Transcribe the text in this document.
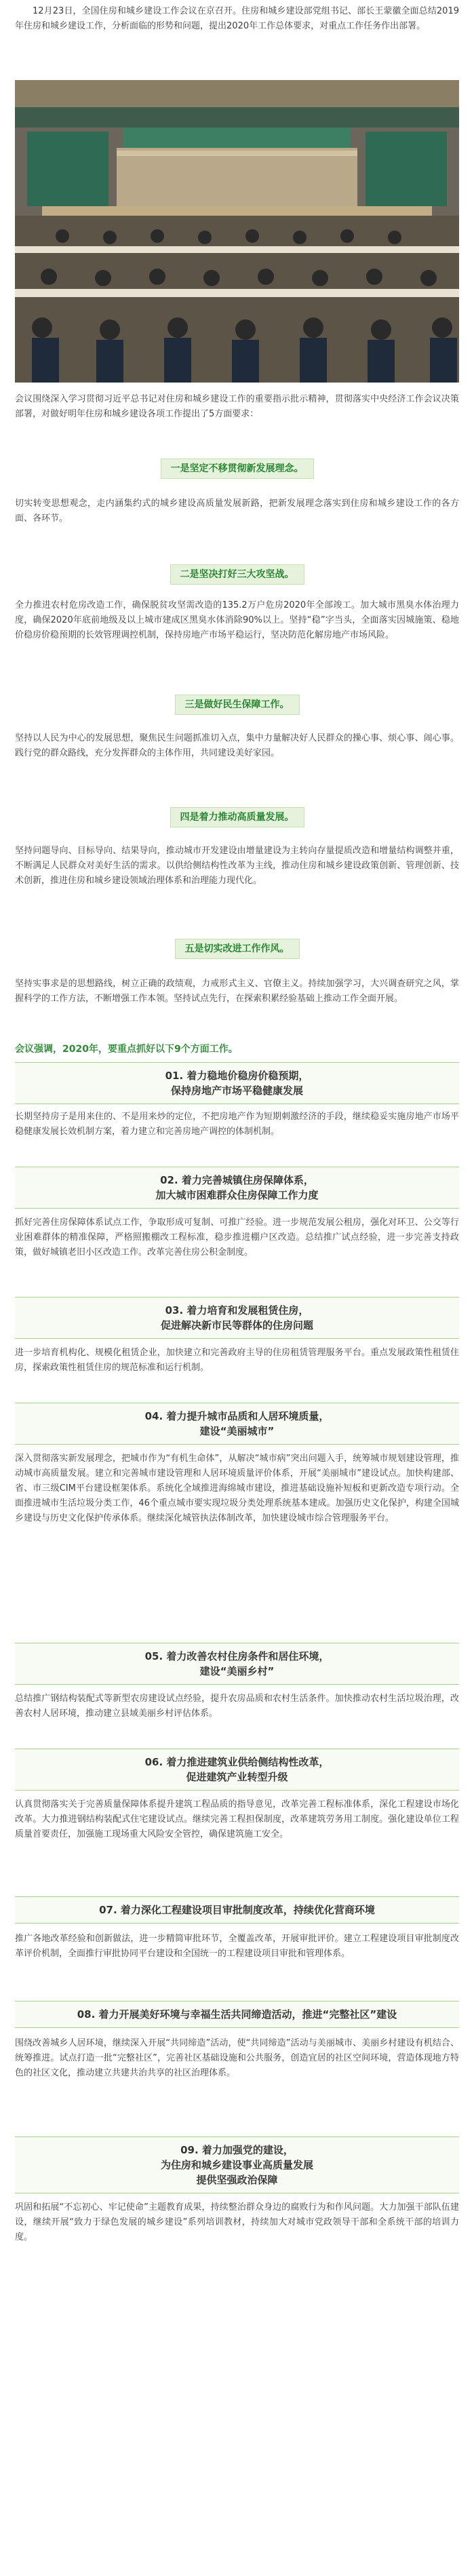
12月23日，全国住房和城乡建设工作会议在京召开。住房和城乡建设部党组书记、部长王蒙徽全面总结2019年住房和城乡建设工作，分析面临的形势和问题，提出2020年工作总体要求，对重点工作任务作出部署。

会议围绕深入学习贯彻习近平总书记对住房和城乡建设工作的重要指示批示精神，贯彻落实中央经济工作会议决策部署，对做好明年住房和城乡建设各项工作提出了5方面要求：

一是坚定不移贯彻新发展理念。

切实转变思想观念，走内涵集约式的城乡建设高质量发展新路，把新发展理念落实到住房和城乡建设工作的各方面、各环节。

二是坚决打好三大攻坚战。

全力推进农村危房改造工作，确保脱贫攻坚需改造的135.2万户危房2020年全部竣工。加大城市黑臭水体治理力度，确保2020年底前地级及以上城市建成区黑臭水体消除90%以上。坚持“稳”字当头，全面落实因城施策、稳地价稳房价稳预期的长效管理调控机制，保持房地产市场平稳运行，坚决防范化解房地产市场风险。

三是做好民生保障工作。

坚持以人民为中心的发展思想，聚焦民生问题抓准切入点，集中力量解决好人民群众的操心事、烦心事、闹心事。践行党的群众路线，充分发挥群众的主体作用，共同建设美好家园。

四是着力推动高质量发展。

坚持问题导向、目标导向、结果导向，推动城市开发建设由增量建设为主转向存量提质改造和增量结构调整并重，不断满足人民群众对美好生活的需求。以供给侧结构性改革为主线，推动住房和城乡建设政策创新、管理创新、技术创新，推进住房和城乡建设领域治理体系和治理能力现代化。

五是切实改进工作作风。

坚持实事求是的思想路线，树立正确的政绩观，力戒形式主义、官僚主义。持续加强学习，大兴调查研究之风，掌握科学的工作方法，不断增强工作本领。坚持试点先行，在探索积累经验基础上推动工作全面开展。

会议强调，2020年，要重点抓好以下9个方面工作。
01. 着力稳地价稳房价稳预期，
保持房地产市场平稳健康发展

长期坚持房子是用来住的、不是用来炒的定位，不把房地产作为短期刺激经济的手段，继续稳妥实施房地产市场平稳健康发展长效机制方案，着力建立和完善房地产调控的体制机制。

02. 着力完善城镇住房保障体系，
加大城市困难群众住房保障工作力度

抓好完善住房保障体系试点工作，争取形成可复制、可推广经验。进一步规范发展公租房，强化对环卫、公交等行业困难群体的精准保障，严格照搬棚改工程标准，稳步推进棚户区改造。总结推广试点经验，进一步完善支持政策，做好城镇老旧小区改造工作。改革完善住房公积金制度。

03. 着力培育和发展租赁住房，
促进解决新市民等群体的住房问题

进一步培育机构化、规模化租赁企业，加快建立和完善政府主导的住房租赁管理服务平台。重点发展政策性租赁住房，探索政策性租赁住房的规范标准和运行机制。

04. 着力提升城市品质和人居环境质量，
建设“美丽城市”

深入贯彻落实新发展理念，把城市作为“有机生命体”，从解决“城市病”突出问题入手，统筹城市规划建设管理，推动城市高质量发展。建立和完善城市建设管理和人居环境质量评价体系，开展“美丽城市”建设试点。加快构建部、省、市三级CIM平台建设框架体系。系统化全域推进海绵城市建设，推进基础设施补短板和更新改造专项行动。全面推进城市生活垃圾分类工作，46个重点城市要实现垃圾分类处理系统基本建成。加强历史文化保护，构建全国城乡建设与历史文化保护传承体系。继续深化城管执法体制改革，加快建设城市综合管理服务平台。

05. 着力改善农村住房条件和居住环境，
建设“美丽乡村”

总结推广钢结构装配式等新型农房建设试点经验，提升农房品质和农村生活条件。加快推动农村生活垃圾治理，改善农村人居环境，推动建立县域美丽乡村评估体系。

06. 着力推进建筑业供给侧结构性改革，
促进建筑产业转型升级

认真贯彻落实关于完善质量保障体系提升建筑工程品质的指导意见，改革完善工程标准体系，深化工程建设市场化改革。大力推进钢结构装配式住宅建设试点。继续完善工程担保制度，改革建筑劳务用工制度。强化建设单位工程质量首要责任，加强施工现场重大风险安全管控，确保建筑施工安全。

07. 着力深化工程建设项目审批制度改革，持续优化营商环境

推广各地改革经验和创新做法，进一步精简审批环节，全覆盖改革，开展审批评价。建立工程建设项目审批制度改革评价机制，全面推行审批协同平台建设和全国统一的工程建设项目审批和管理体系。

08. 着力开展美好环境与幸福生活共同缔造活动，推进“完整社区”建设

围绕改善城乡人居环境，继续深入开展“共同缔造”活动，使“共同缔造”活动与美丽城市、美丽乡村建设有机结合、统筹推进。试点打造一批“完整社区”，完善社区基础设施和公共服务，创造宜居的社区空间环境，营造体现地方特色的社区文化，推动建立共建共治共享的社区治理体系。

09. 着力加强党的建设，
为住房和城乡建设事业高质量发展
提供坚强政治保障

巩固和拓展“不忘初心、牢记使命”主题教育成果，持续整治群众身边的腐败行为和作风问题。大力加强干部队伍建设，继续开展“致力于绿色发展的城乡建设”系列培训教材，持续加大对城市党政领导干部和全系统干部的培训力度。
